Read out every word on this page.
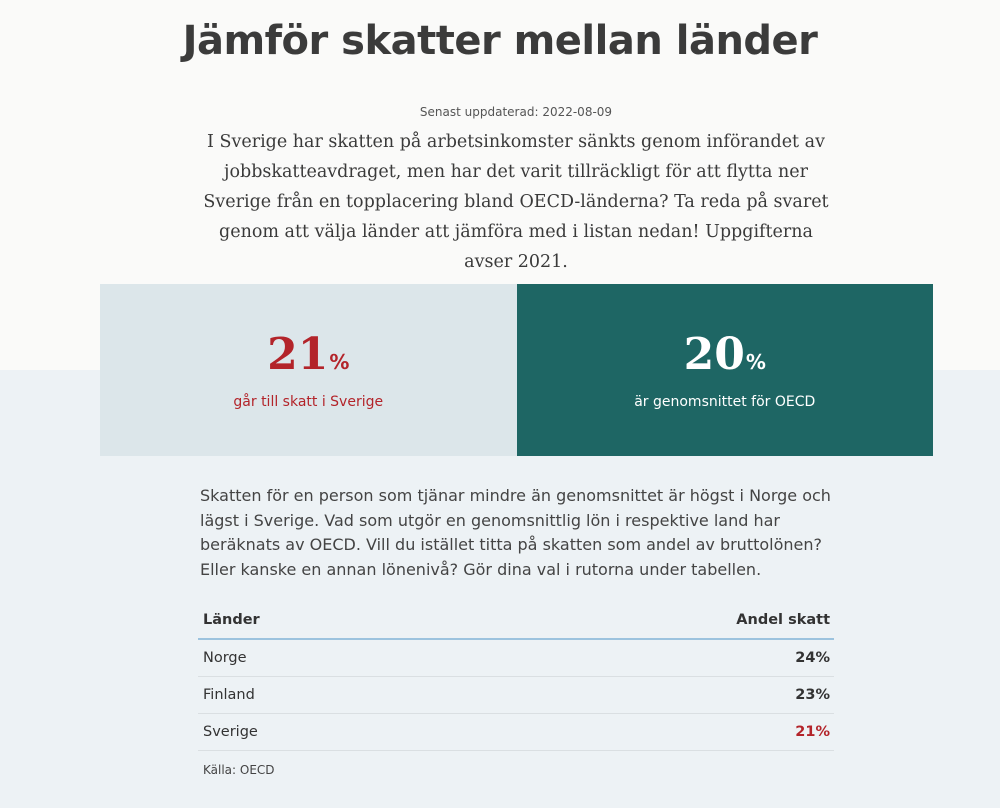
Jämför skatter mellan länder
Senast uppdaterad: 2022-08-09

I Sverige har skatten på arbetsinkomster sänkts genom införandet av jobbskatteavdraget, men har det varit tillräckligt för att flytta ner Sverige från en topplacering bland OECD-länderna? Ta reda på svaret genom att välja länder att jämföra med i listan nedan! Uppgifterna avser 2021.

21 %
går till skatt i Sverige
20 %
är genomsnittet för OECD

Skatten för en person som tjänar mindre än genomsnittet är högst i Norge och lägst i Sverige. Vad som utgör en genomsnittlig lön i respektive land har beräknats av OECD. Vill du istället titta på skatten som andel av bruttolönen? Eller kanske en annan lönenivå? Gör dina val i rutorna under tabellen.

Länder	Andel skatt
Norge	24%
Finland	23%
Sverige	21%
Källa: OECD
